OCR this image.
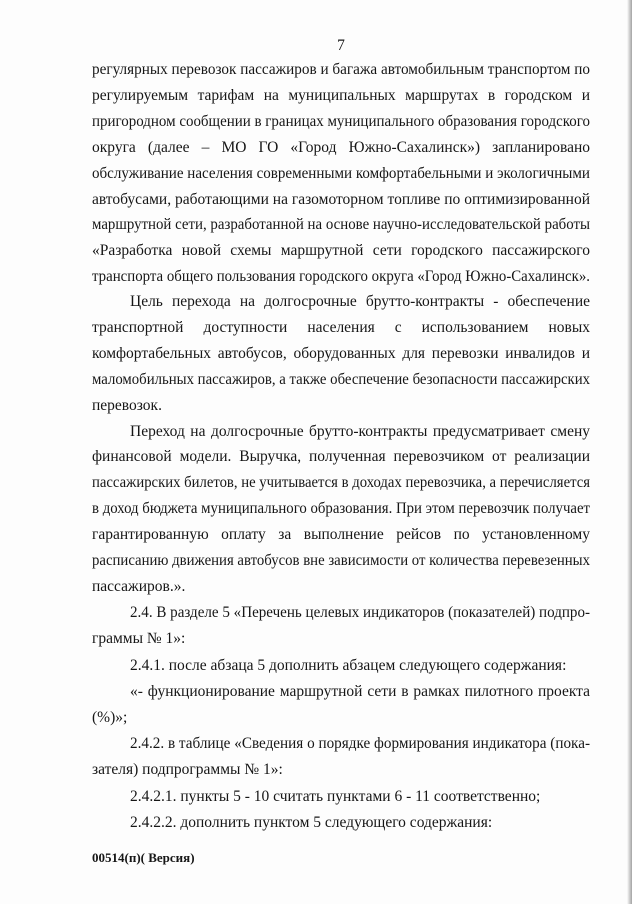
7
регулярных перевозок пассажиров и багажа автомобильным транспортом по
регулируемым тарифам на муниципальных маршрутах в городском и
пригородном сообщении в границах муниципального образования городского
округа (далее – МО ГО «Город Южно-Сахалинск») запланировано
обслуживание населения современными комфортабельными и экологичными
автобусами, работающими на газомоторном топливе по оптимизированной
маршрутной сети, разработанной на основе научно-исследовательской работы
«Разработка новой схемы маршрутной сети городского пассажирского
транспорта общего пользования городского округа «Город Южно-Сахалинск».
Цель перехода на долгосрочные брутто-контракты - обеспечение
транспортной доступности населения с использованием новых
комфортабельных автобусов, оборудованных для перевозки инвалидов и
маломобильных пассажиров, а также обеспечение безопасности пассажирских
перевозок.
Переход на долгосрочные брутто-контракты предусматривает смену
финансовой модели. Выручка, полученная перевозчиком от реализации
пассажирских билетов, не учитывается в доходах перевозчика, а перечисляется
в доход бюджета муниципального образования. При этом перевозчик получает
гарантированную оплату за выполнение рейсов по установленному
расписанию движения автобусов вне зависимости от количества перевезенных
пассажиров.».
2.4. В разделе 5 «Перечень целевых индикаторов (показателей) подпро-
граммы № 1»:
2.4.1. после абзаца 5 дополнить абзацем следующего содержания:
«- функционирование маршрутной сети в рамках пилотного проекта
(%)»;
2.4.2. в таблице «Сведения о порядке формирования индикатора (пока-
зателя) подпрограммы № 1»:
2.4.2.1. пункты 5 - 10 считать пунктами 6 - 11 соответственно;
2.4.2.2. дополнить пунктом 5 следующего содержания:
00514(п)( Версия)
